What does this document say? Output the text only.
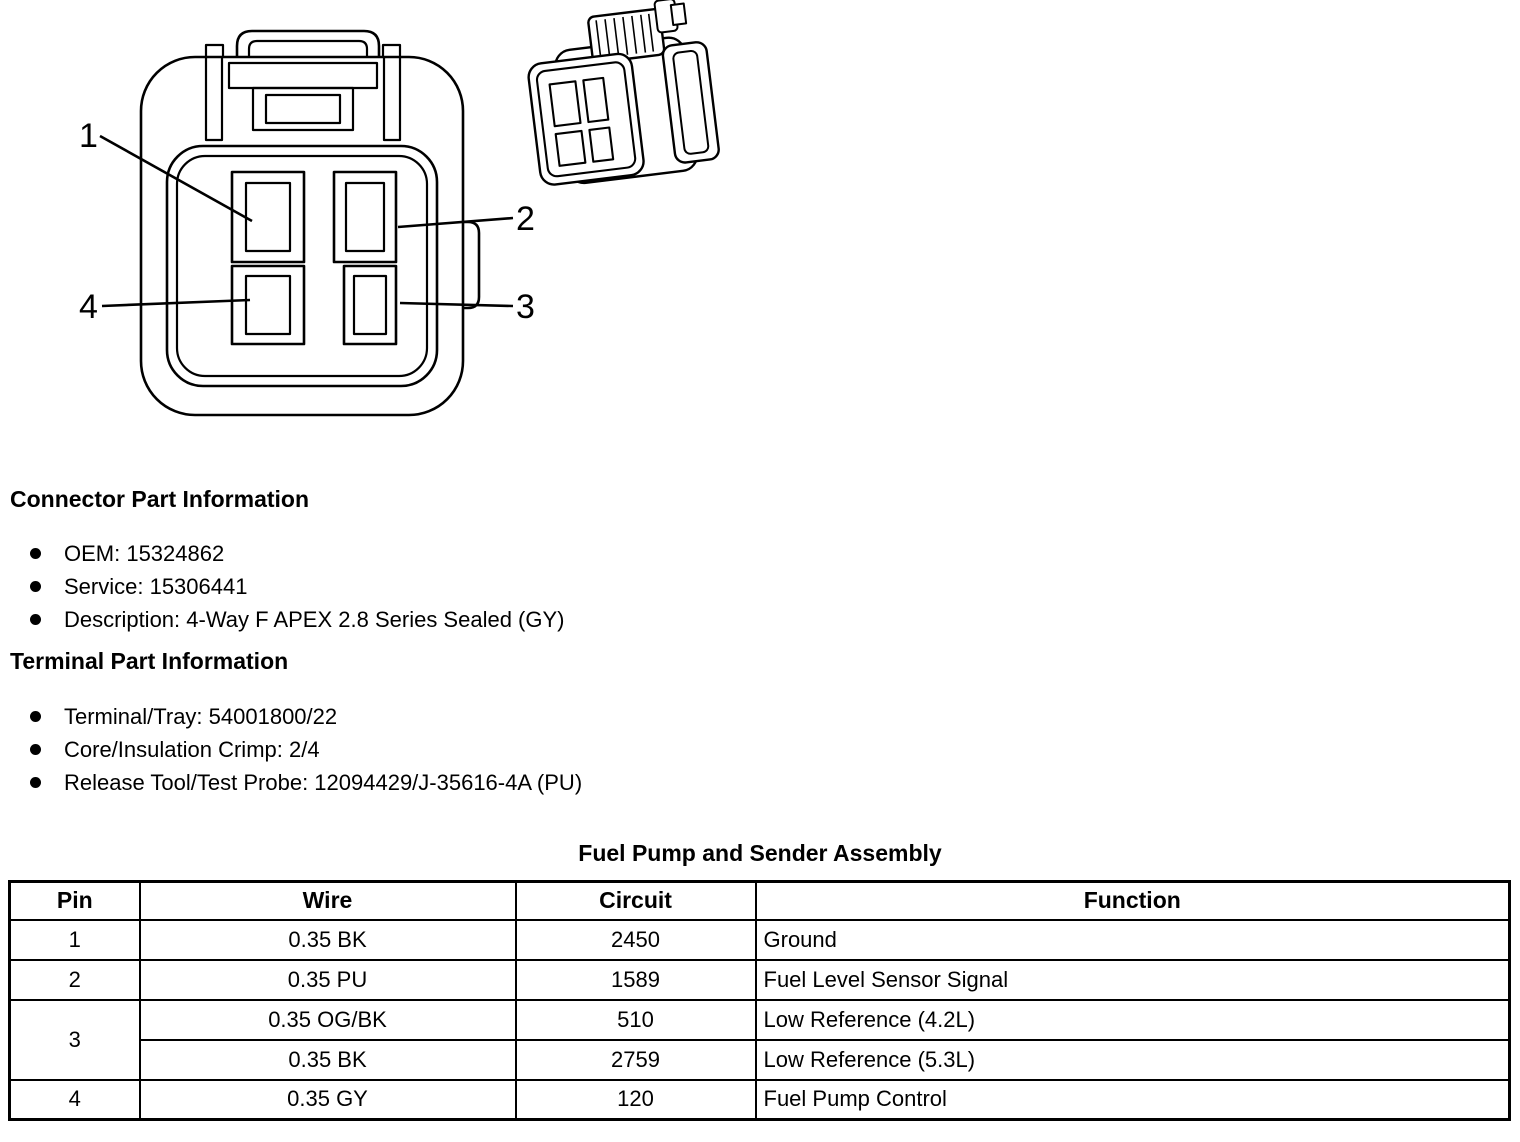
1
2
3
4
Connector Part Information
OEM: 15324862
Service: 15306441
Description: 4-Way F APEX 2.8 Series Sealed (GY)
Terminal Part Information
Terminal/Tray: 54001800/22
Core/Insulation Crimp: 2/4
Release Tool/Test Probe: 12094429/J-35616-4A (PU)
Fuel Pump and Sender Assembly
Pin	Wire	Circuit	Function
1	0.35 BK	2450	Ground
2	0.35 PU	1589	Fuel Level Sensor Signal
3	0.35 OG/BK	510	Low Reference (4.2L)
	0.35 BK	2759	Low Reference (5.3L)
4	0.35 GY	120	Fuel Pump Control
